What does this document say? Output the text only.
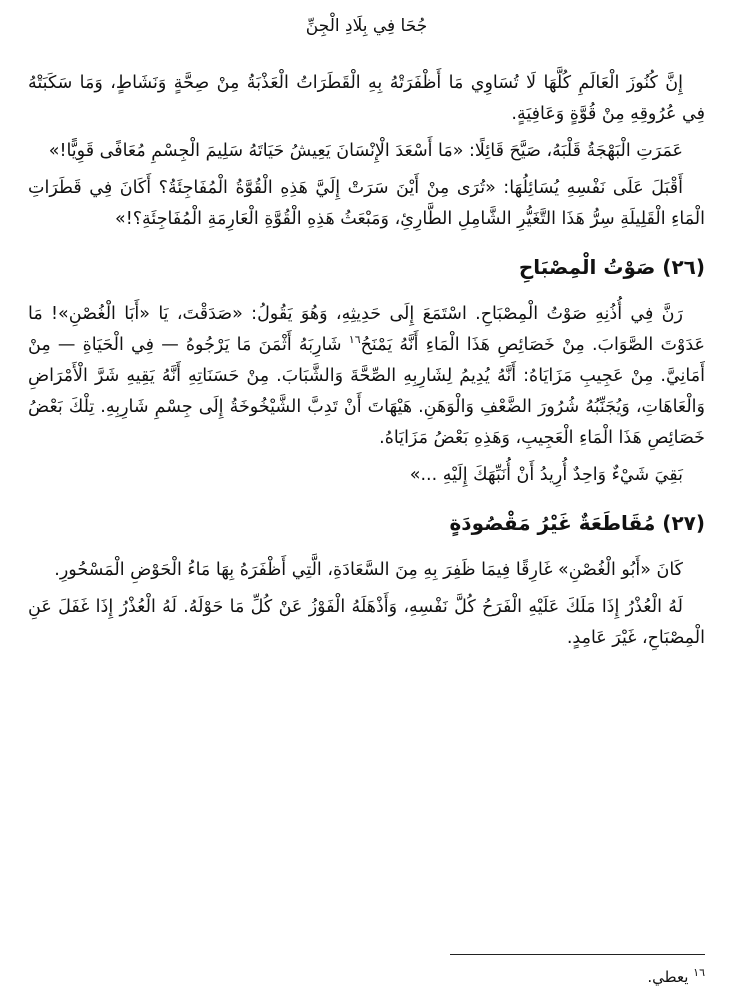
جُحَا فِي بِلَادِ الْجِنِّ

إِنَّ كُنُوزَ الْعَالَمِ كُلَّهَا لَا تُسَاوِي مَا أَظْفَرَتْهُ بِهِ الْقَطَرَاتُ الْعَذْبَةُ مِنْ صِحَّةٍ وَنَشَاطٍ، وَمَا سَكَبَتْهُ فِي عُرُوقِهِ مِنْ قُوَّةٍ وَعَافِيَةٍ.

عَمَرَتِ الْبَهْجَةُ قَلْبَهُ، صَيَّحَ قَائِلًا: «مَا أَسْعَدَ الْإِنْسَانَ يَعِيشُ حَيَاتَهُ سَلِيمَ الْجِسْمِ مُعَافًى قَوِيًّا!»

أَقْبَلَ عَلَى نَفْسِهِ يُسَائِلُهَا: «تُرَى مِنْ أَيْنَ سَرَتْ إِلَيَّ هَذِهِ الْقُوَّةُ الْمُفَاجِئَةُ؟ أَكَانَ فِي قَطَرَاتِ الْمَاءِ الْقَلِيلَةِ سِرُّ هَذَا التَّغَيُّرِ الشَّامِلِ الطَّارِئِ، وَمَبْعَثُ هَذِهِ الْقُوَّةِ الْعَارِمَةِ الْمُفَاجِئَةِ؟!»

(٢٦) صَوْتُ الْمِصْبَاحِ

رَنَّ فِي أُذُنِهِ صَوْتُ الْمِصْبَاحِ. اسْتَمَعَ إِلَى حَدِيثِهِ، وَهُوَ يَقُولُ: «صَدَقْتَ، يَا «أَبَا الْغُصْنِ»! مَا عَدَوْتَ الصَّوَابَ. مِنْ خَصَائِصِ هَذَا الْمَاءِ أَنَّهُ يَمْنَحُ$^{١٦}$ شَارِبَهُ أَثْمَنَ مَا يَرْجُوهُ — فِي الْحَيَاةِ — مِنْ أَمَانِيَّ. مِنْ عَجِيبِ مَزَايَاهُ: أَنَّهُ يُدِيمُ لِشَارِبِهِ الصِّحَّةَ وَالشَّبَابَ. مِنْ حَسَنَاتِهِ أَنَّهُ يَقِيهِ شَرَّ الْأَمْرَاضِ وَالْعَاهَاتِ، وَيُجَنِّبُهُ شُرُورَ الضَّعْفِ وَالْوَهَنِ. هَيْهَاتَ أَنْ تَدِبَّ الشَّيْخُوخَةُ إِلَى جِسْمِ شَارِبِهِ. تِلْكَ بَعْضُ خَصَائِصِ هَذَا الْمَاءِ الْعَجِيبِ، وَهَذِهِ بَعْضُ مَزَايَاهُ.

بَقِيَ شَيْءٌ وَاحِدٌ أُرِيدُ أَنْ أُنَبِّهَكَ إِلَيْهِ ...»

(٢٧) مُقَاطَعَةٌ غَيْرُ مَقْصُودَةٍ

كَانَ «أَبُو الْغُصْنِ» غَارِقًا فِيمَا ظَفِرَ بِهِ مِنَ السَّعَادَةِ، الَّتِي أَظْفَرَهُ بِهَا مَاءُ الْحَوْضِ الْمَسْحُورِ.

لَهُ الْعُذْرُ إِذَا مَلَكَ عَلَيْهِ الْفَرَحُ كُلَّ نَفْسِهِ، وَأَذْهَلَهُ الْفَوْزُ عَنْ كُلِّ مَا حَوْلَهُ. لَهُ الْعُذْرُ إِذَا غَفَلَ عَنِ الْمِصْبَاحِ، غَيْرَ عَامِدٍ.

$^{١٦}$ يعطي.
